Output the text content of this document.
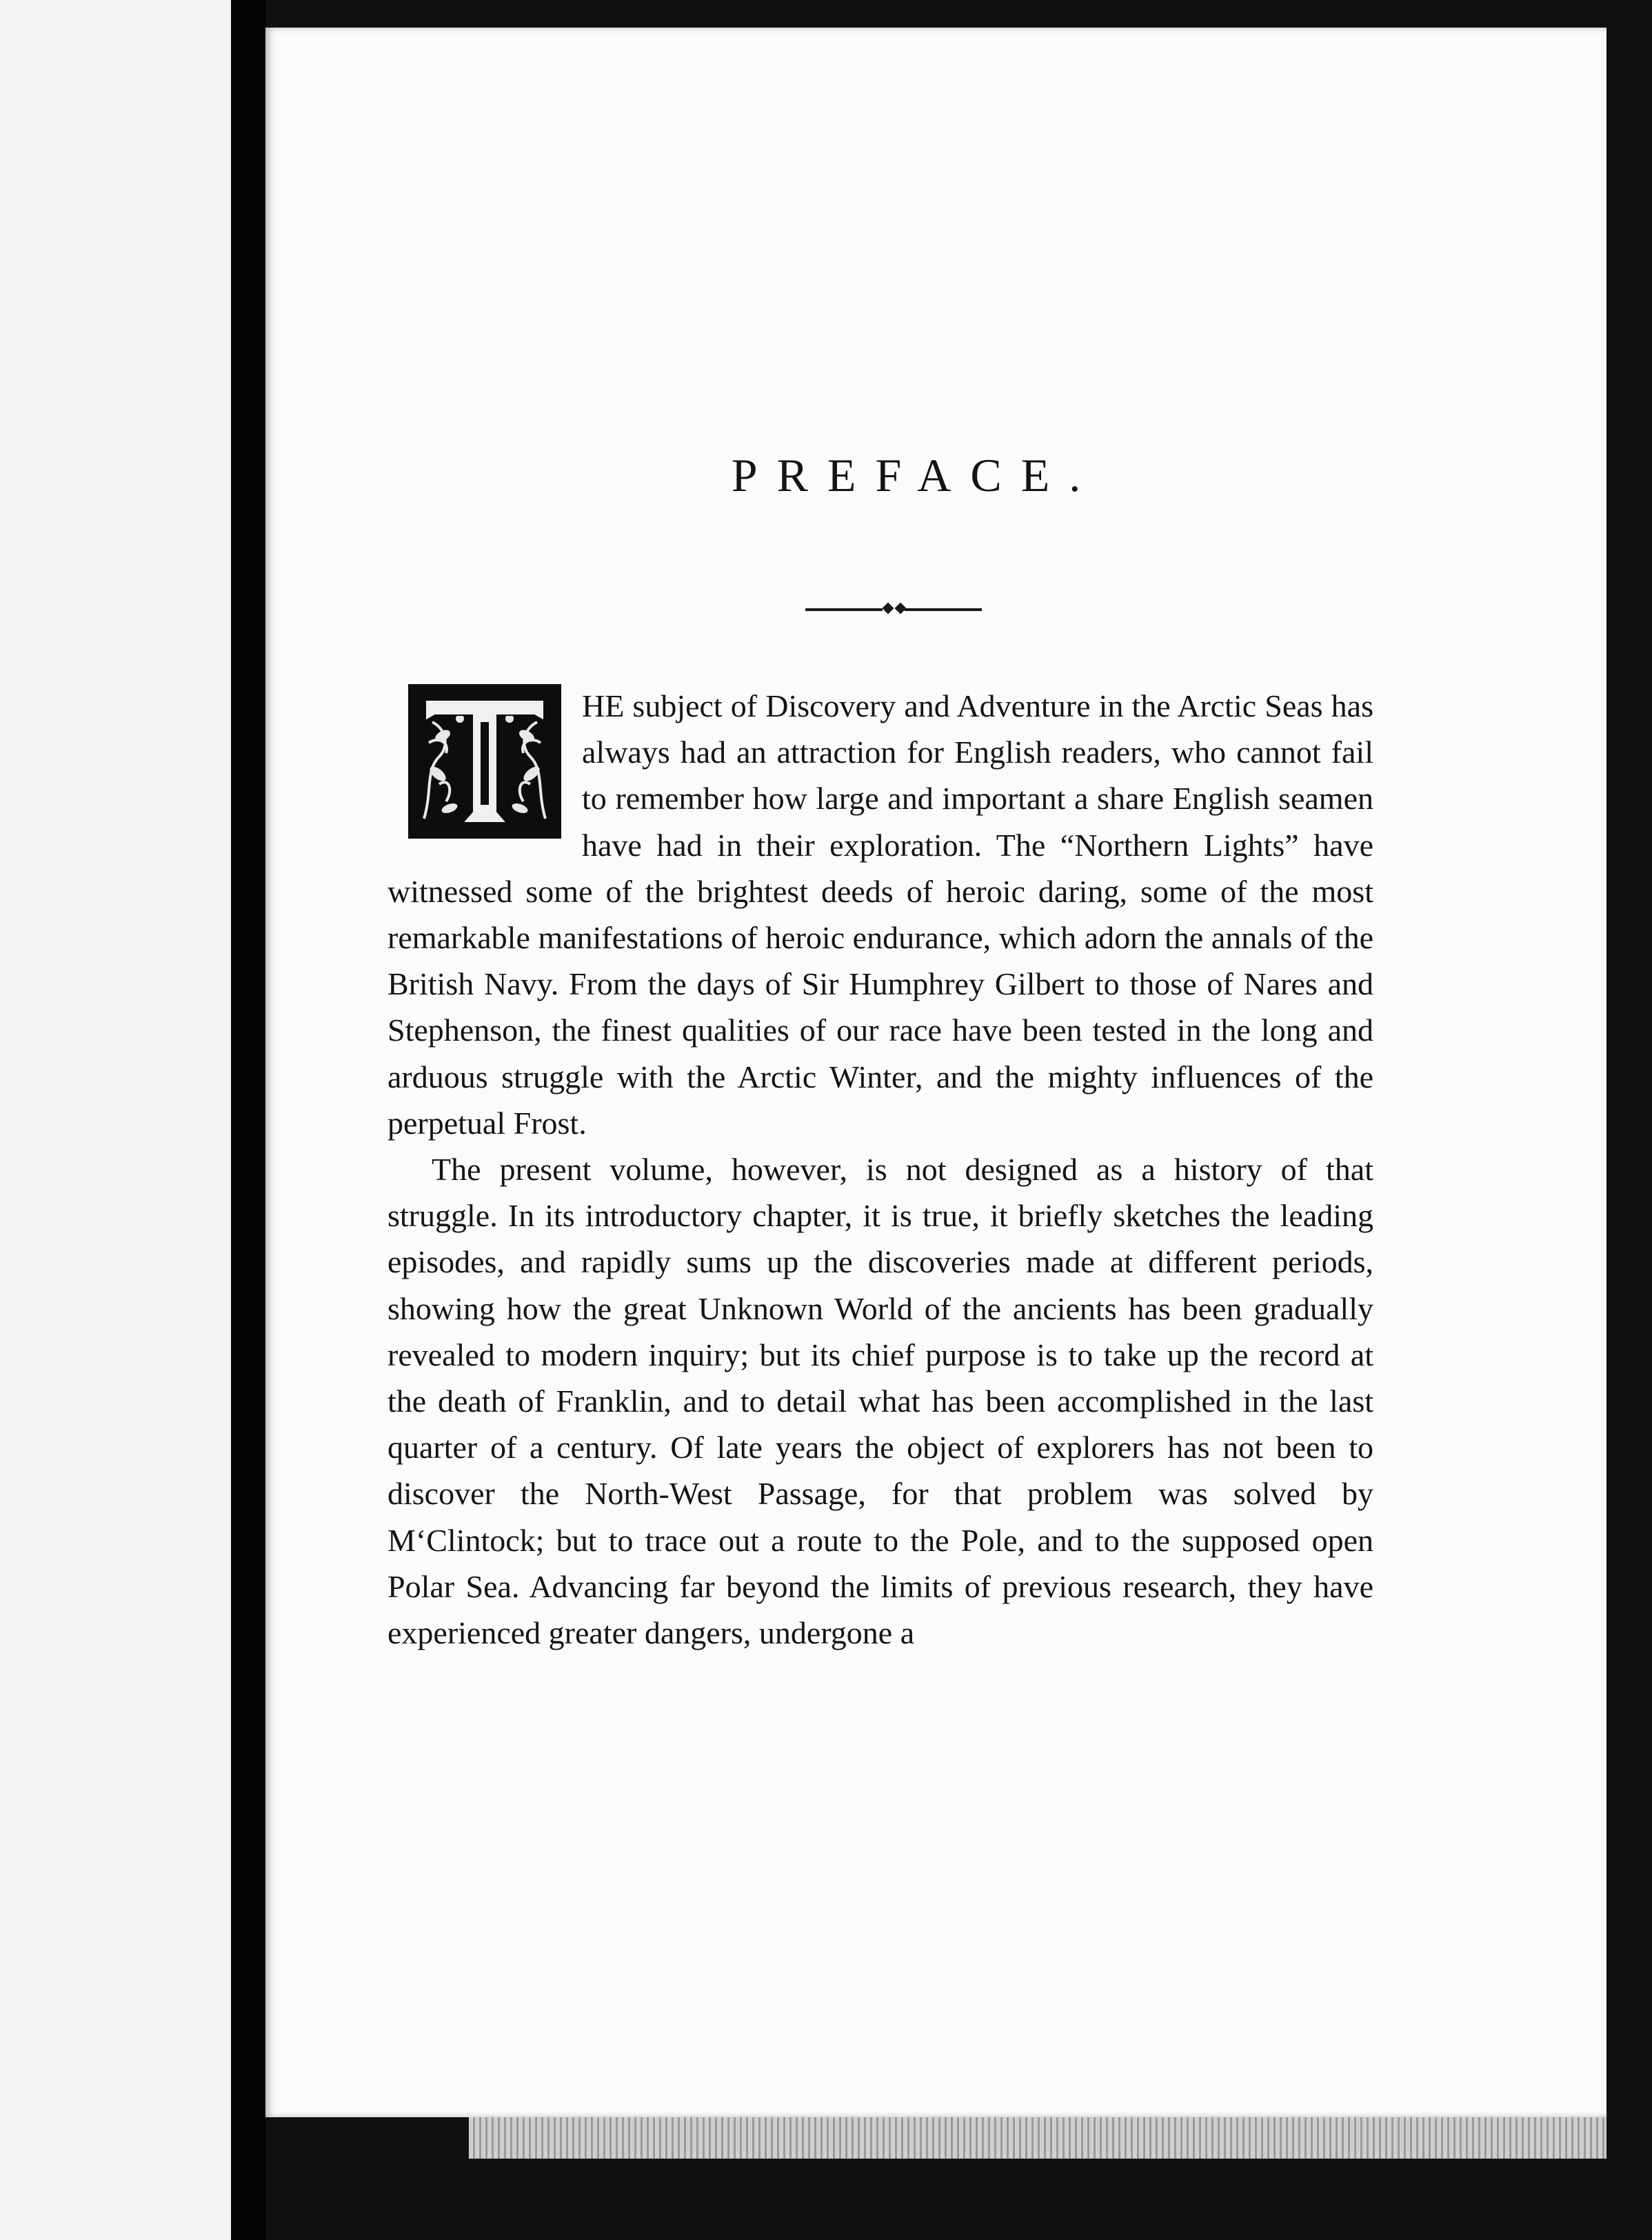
PREFACE.

HE subject of Discovery and Adventure in the Arctic Seas has always had an attraction for English readers, who cannot fail to remember how large and important a share English seamen have had in their exploration. The “Northern Lights” have witnessed some of the brightest deeds of heroic daring, some of the most remarkable manifestations of heroic endurance, which adorn the annals of the British Navy. From the days of Sir Humphrey Gilbert to those of Nares and Stephenson, the finest qualities of our race have been tested in the long and arduous struggle with the Arctic Winter, and the mighty influences of the perpetual Frost.

The present volume, however, is not designed as a history of that struggle. In its introductory chapter, it is true, it briefly sketches the leading episodes, and rapidly sums up the discoveries made at different periods, showing how the great Unknown World of the ancients has been gradually revealed to modern inquiry; but its chief purpose is to take up the record at the death of Franklin, and to detail what has been accomplished in the last quarter of a century. Of late years the object of explorers has not been to discover the North-West Passage, for that problem was solved by M‘Clintock; but to trace out a route to the Pole, and to the supposed open Polar Sea. Advancing far beyond the limits of previous research, they have experienced greater dangers, undergone a
